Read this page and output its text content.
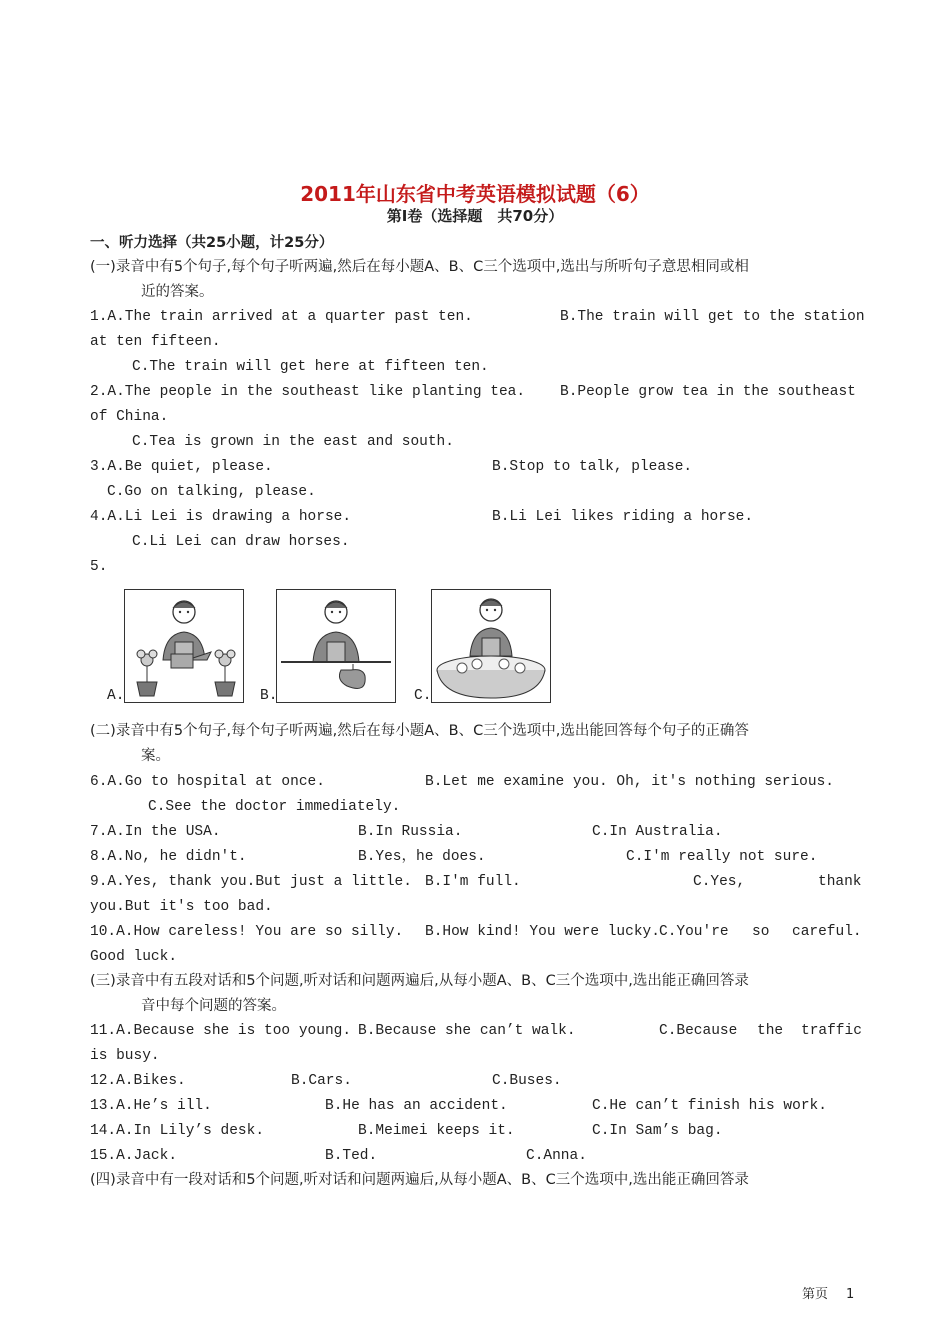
2011年山东省中考英语模拟试题（6）
第Ⅰ卷（选择题　共70分）
一、听力选择（共25小题，计25分）
(一)录音中有5个句子,每个句子听两遍,然后在每小题A、B、C三个选项中,选出与所听句子意思相同或相
近的答案。
1.A.The train arrived at a quarter past ten.	B.The train will get to the station
at ten fifteen.
C.The train will get here at fifteen ten.
2.A.The people in the southeast like planting tea. B.People grow tea in the southeast
of China.
C.Tea is grown in the east and south.
3.A.Be quiet, please.	B.Stop to talk, please.
C.Go on talking, please.
4.A.Li Lei is drawing a horse.	B.Li Lei likes riding a horse.
C.Li Lei can draw horses.
5.
A.	B.	C.
(二)录音中有5个句子,每个句子听两遍,然后在每小题A、B、C三个选项中,选出能回答每个句子的正确答
案。
6.A.Go to hospital at once.	B.Let me examine you. Oh, it's nothing serious.
C.See the doctor immediately.
7.A.In the USA.	B.In Russia.	C.In Australia.
8.A.No, he didn't.	B.Yes，he does.	C.I'm really not sure.
9.A.Yes, thank you.But just a little. B.I'm full.	C.Yes,	thank
you.But it's too bad.
10.A.How careless! You are so silly. B.How kind! You were lucky. C.You're so careful.
Good luck.
(三)录音中有五段对话和5个问题,听对话和问题两遍后,从每小题A、B、C三个选项中,选出能正确回答录
音中每个问题的答案。
11.A.Because she is too young. B.Because she can’t walk.	C.Because the traffic
is busy.
12.A.Bikes.	B.Cars.	C.Buses.
13.A.He’s ill.	B.He has an accident.	C.He can’t finish his work.
14.A.In Lily’s desk.	B.Meimei keeps it.	C.In Sam’s bag.
15.A.Jack.	B.Ted.	C.Anna.
(四)录音中有一段对话和5个问题,听对话和问题两遍后,从每小题A、B、C三个选项中,选出能正确回答录
第页 1
